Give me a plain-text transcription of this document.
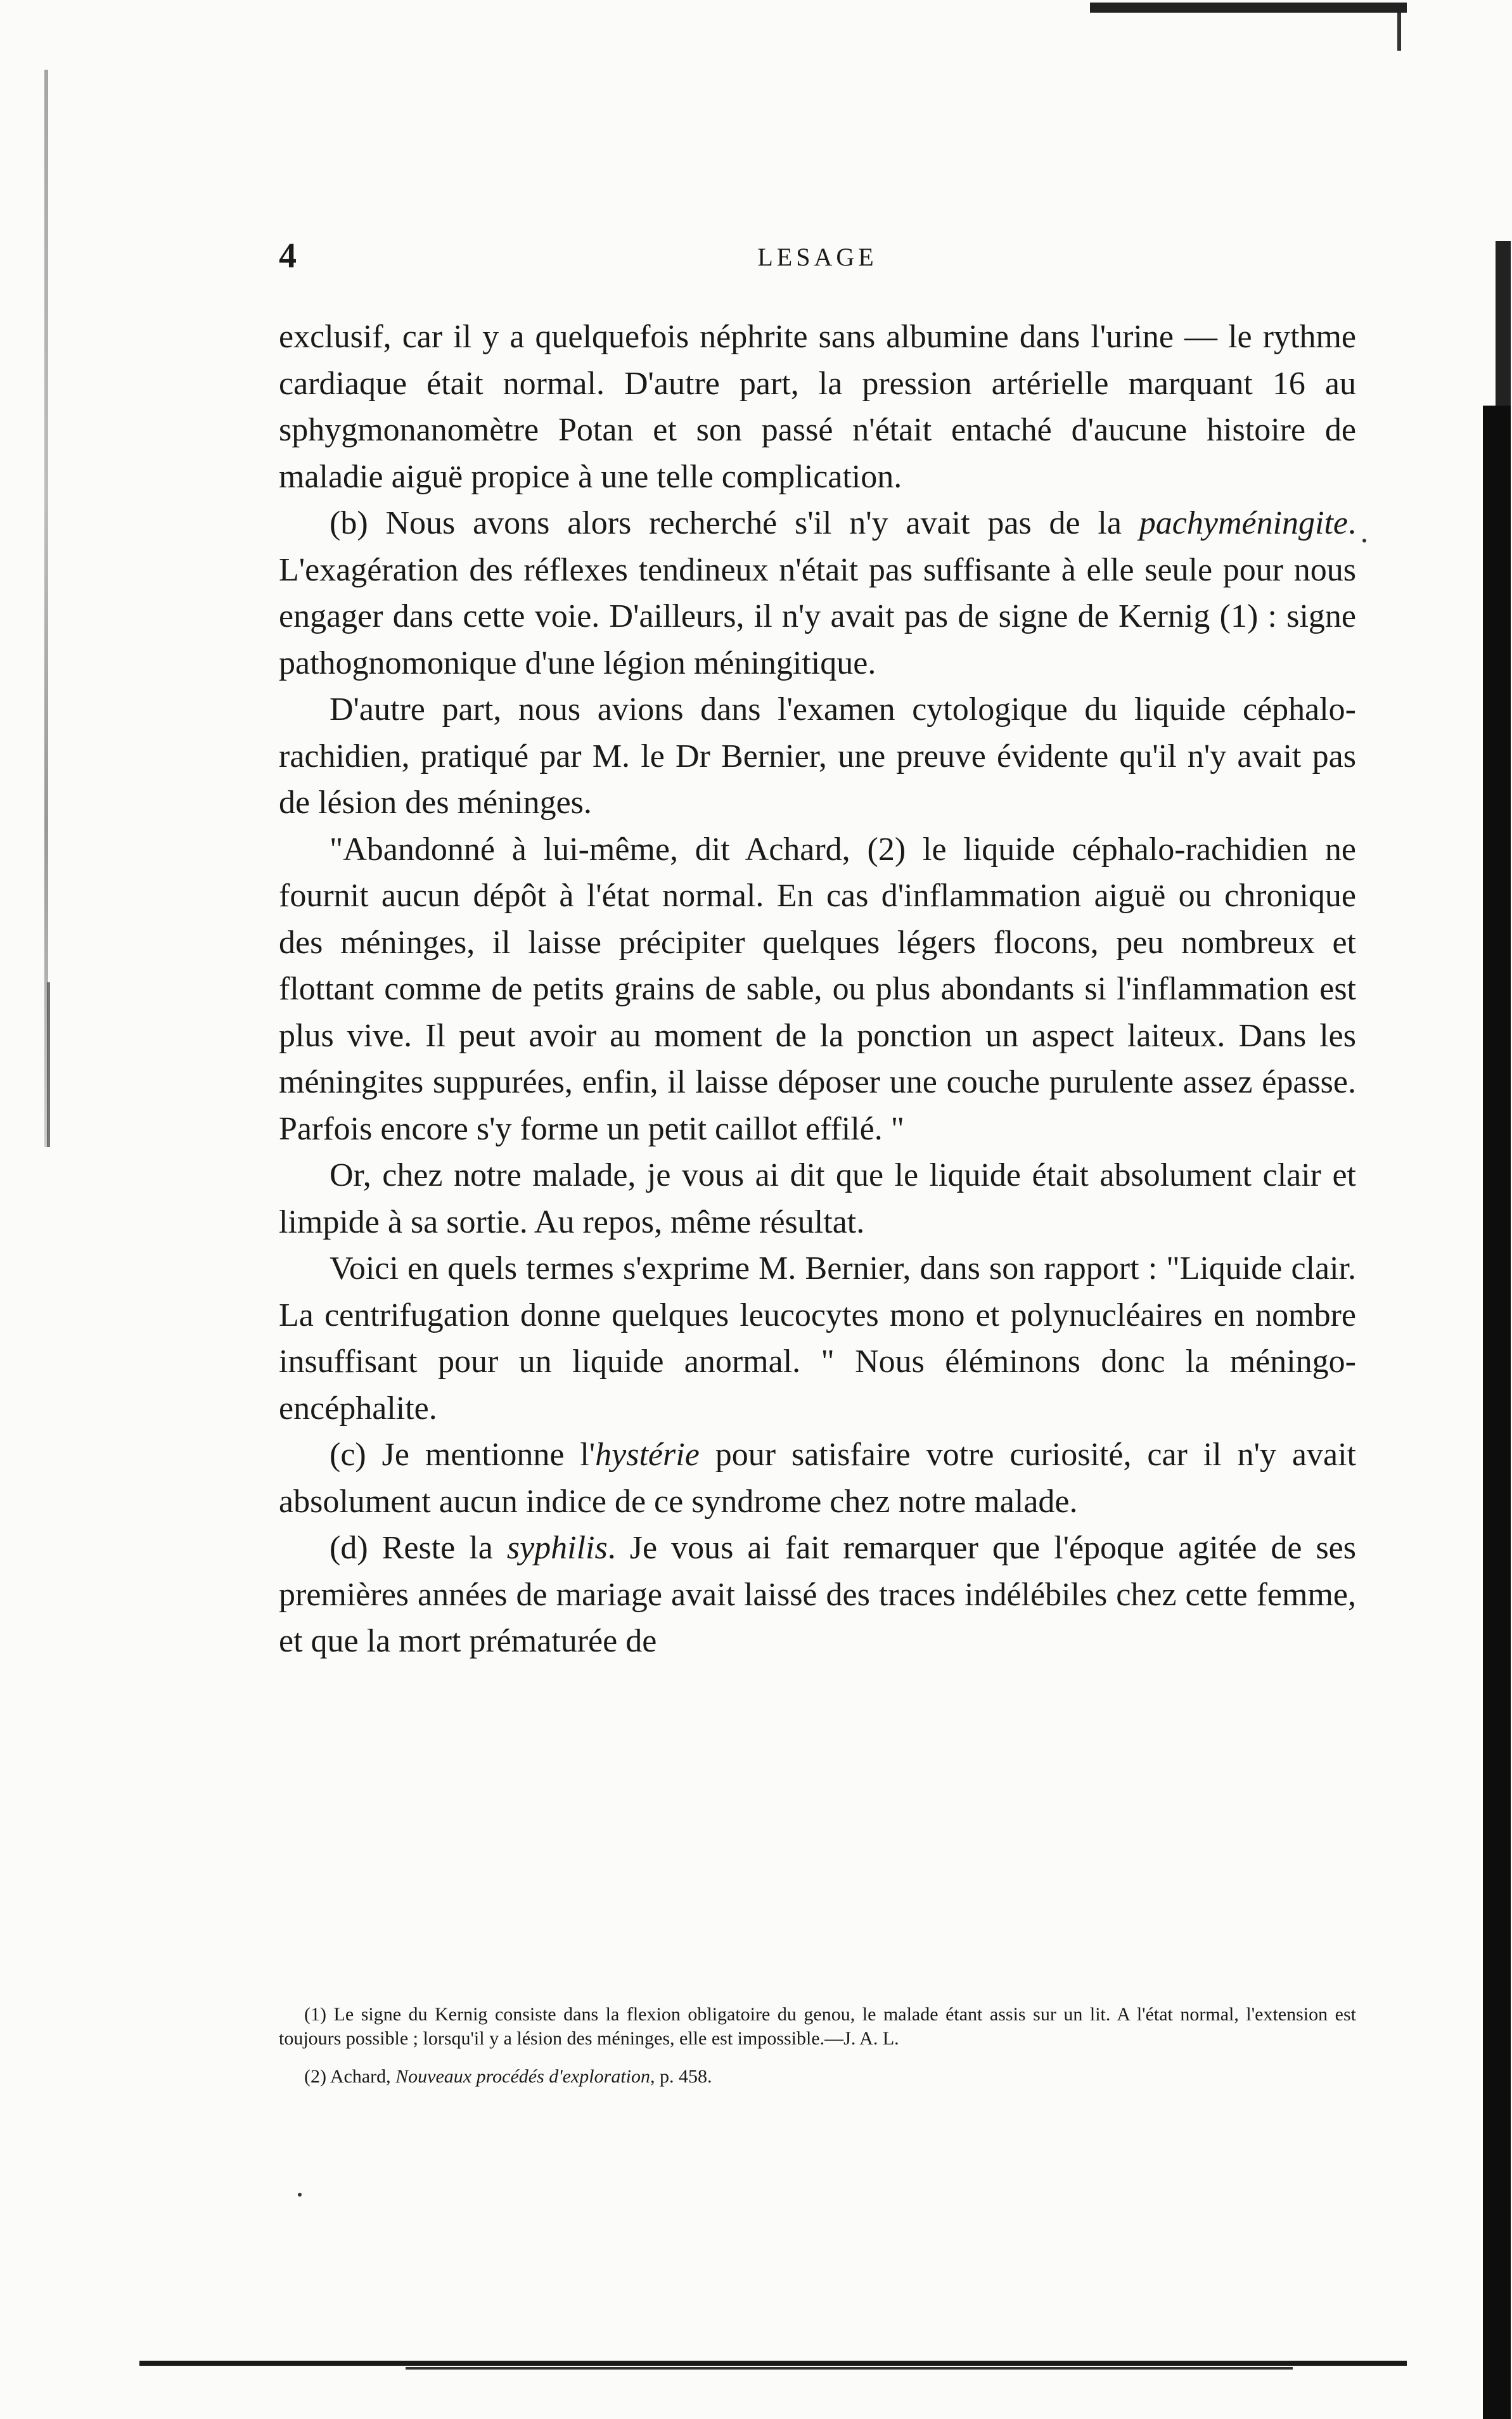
4	LESAGE

exclusif, car il y a quelquefois néphrite sans albumine dans l'urine — le rythme cardiaque était normal. D'autre part, la pression artérielle marquant 16 au sphygmonanomètre Potan et son passé n'était entaché d'aucune histoire de maladie aiguë propice à une telle complication.

(b) Nous avons alors recherché s'il n'y avait pas de la pachyméningite. L'exagération des réflexes tendineux n'était pas suffisante à elle seule pour nous engager dans cette voie. D'ailleurs, il n'y avait pas de signe de Kernig (1) : signe pathognomonique d'une légion méningitique.

D'autre part, nous avions dans l'examen cytologique du liquide céphalo-rachidien, pratiqué par M. le Dr Bernier, une preuve évidente qu'il n'y avait pas de lésion des méninges.

"Abandonné à lui-même, dit Achard, (2) le liquide céphalo-rachidien ne fournit aucun dépôt à l'état normal. En cas d'inflammation aiguë ou chronique des méninges, il laisse précipiter quelques légers flocons, peu nombreux et flottant comme de petits grains de sable, ou plus abondants si l'inflammation est plus vive. Il peut avoir au moment de la ponction un aspect laiteux. Dans les méningites suppurées, enfin, il laisse déposer une couche purulente assez épasse. Parfois encore s'y forme un petit caillot effilé. "

Or, chez notre malade, je vous ai dit que le liquide était absolument clair et limpide à sa sortie. Au repos, même résultat.

Voici en quels termes s'exprime M. Bernier, dans son rapport : "Liquide clair. La centrifugation donne quelques leucocytes mono et polynucléaires en nombre insuffisant pour un liquide anormal. " Nous éléminons donc la méningo-encéphalite.

(c) Je mentionne l'hystérie pour satisfaire votre curiosité, car il n'y avait absolument aucun indice de ce syndrome chez notre malade.

(d) Reste la syphilis. Je vous ai fait remarquer que l'époque agitée de ses premières années de mariage avait laissé des traces indélébiles chez cette femme, et que la mort prématurée de

(1) Le signe du Kernig consiste dans la flexion obligatoire du genou, le malade étant assis sur un lit. A l'état normal, l'extension est toujours possible ; lorsqu'il y a lésion des méninges, elle est impossible.—J. A. L.

(2) Achard, Nouveaux procédés d'exploration, p. 458.
